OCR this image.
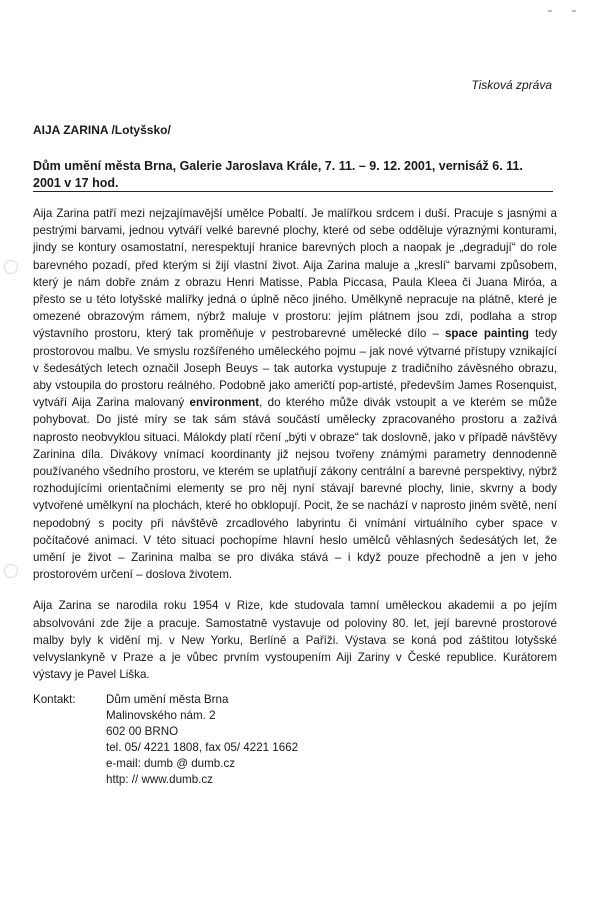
Tisková zpráva
AIJA ZARINA /Lotyšsko/
Dům umění města Brna, Galerie Jaroslava Krále, 7. 11. – 9. 12. 2001, vernisáž 6. 11. 2001 v 17 hod.

Aija Zarina patří mezi nejzajímavější umělce Pobaltí. Je malířkou srdcem i duší. Pracuje s jasnými a pestrými barvami, jednou vytváří velké barevné plochy, které od sebe odděluje výraznými konturami, jindy se kontury osamostatní, nerespektují hranice barevných ploch a naopak je „degradují“ do role barevného pozadí, před kterým si žijí vlastní život. Aija Zarina maluje a „kreslí“ barvami způsobem, který je nám dobře znám z obrazu Henri Matisse, Pabla Piccasa, Paula Kleea či Juana Miróa, a přesto se u této lotyšské malířky jedná o úplně něco jiného. Umělkyně nepracuje na plátně, které je omezené obrazovým rámem, nýbrž maluje v prostoru: jejím plátnem jsou zdi, podlaha a strop výstavního prostoru, který tak proměňuje v pestrobarevné umělecké dílo – space painting tedy prostorovou malbu. Ve smyslu rozšířeného uměleckého pojmu – jak nové výtvarné přístupy vznikající v šedesátých letech označil Joseph Beuys – tak autorka vystupuje z tradičního závěsného obrazu, aby vstoupila do prostoru reálného. Podobně jako američtí pop-artisté, především James Rosenquist, vytváří Aija Zarina malovaný environment, do kterého může divák vstoupit a ve kterém se může pohybovat. Do jisté míry se tak sám stává součástí umělecky zpracovaného prostoru a zažívá naprosto neobvyklou situaci. Málokdy platí rčení „býti v obraze“ tak doslovně, jako v případě návštěvy Zarinina díla. Divákovy vnímací koordinanty již nejsou tvořeny známými parametry dennodenně používaného všedního prostoru, ve kterém se uplatňují zákony centrální a barevné perspektivy, nýbrž rozhodujícími orientačními elementy se pro něj nyní stávají barevné plochy, linie, skvrny a body vytvořené umělkyní na plochách, které ho obklopují. Pocit, že se nachází v naprosto jiném světě, není nepodobný s pocity při návštěvě zrcadlového labyrintu či vnímání virtuálního cyber space v počítačové animaci. V této situaci pochopíme hlavní heslo umělců věhlasných šedesátých let, že umění je život – Zarinina malba se pro diváka stává – i když pouze přechodně a jen v jeho prostorovém určení – doslova životem.

Aija Zarina se narodila roku 1954 v Rize, kde studovala tamní uměleckou akademii a po jejím absolvování zde žije a pracuje. Samostatně vystavuje od poloviny 80. let, její barevné prostorové malby byly k vidění mj. v New Yorku, Berlíně a Paříži. Výstava se koná pod záštitou lotyšské velvyslankyně v Praze a je vůbec prvním vystoupením Aiji Zariny v České republice. Kurátorem výstavy je Pavel Liška.

Kontakt:	Dům umění města Brna
Malinovského nám. 2
602 00 BRNO
tel. 05/ 4221 1808, fax 05/ 4221 1662
e-mail: dumb @ dumb.cz
http: // www.dumb.cz
